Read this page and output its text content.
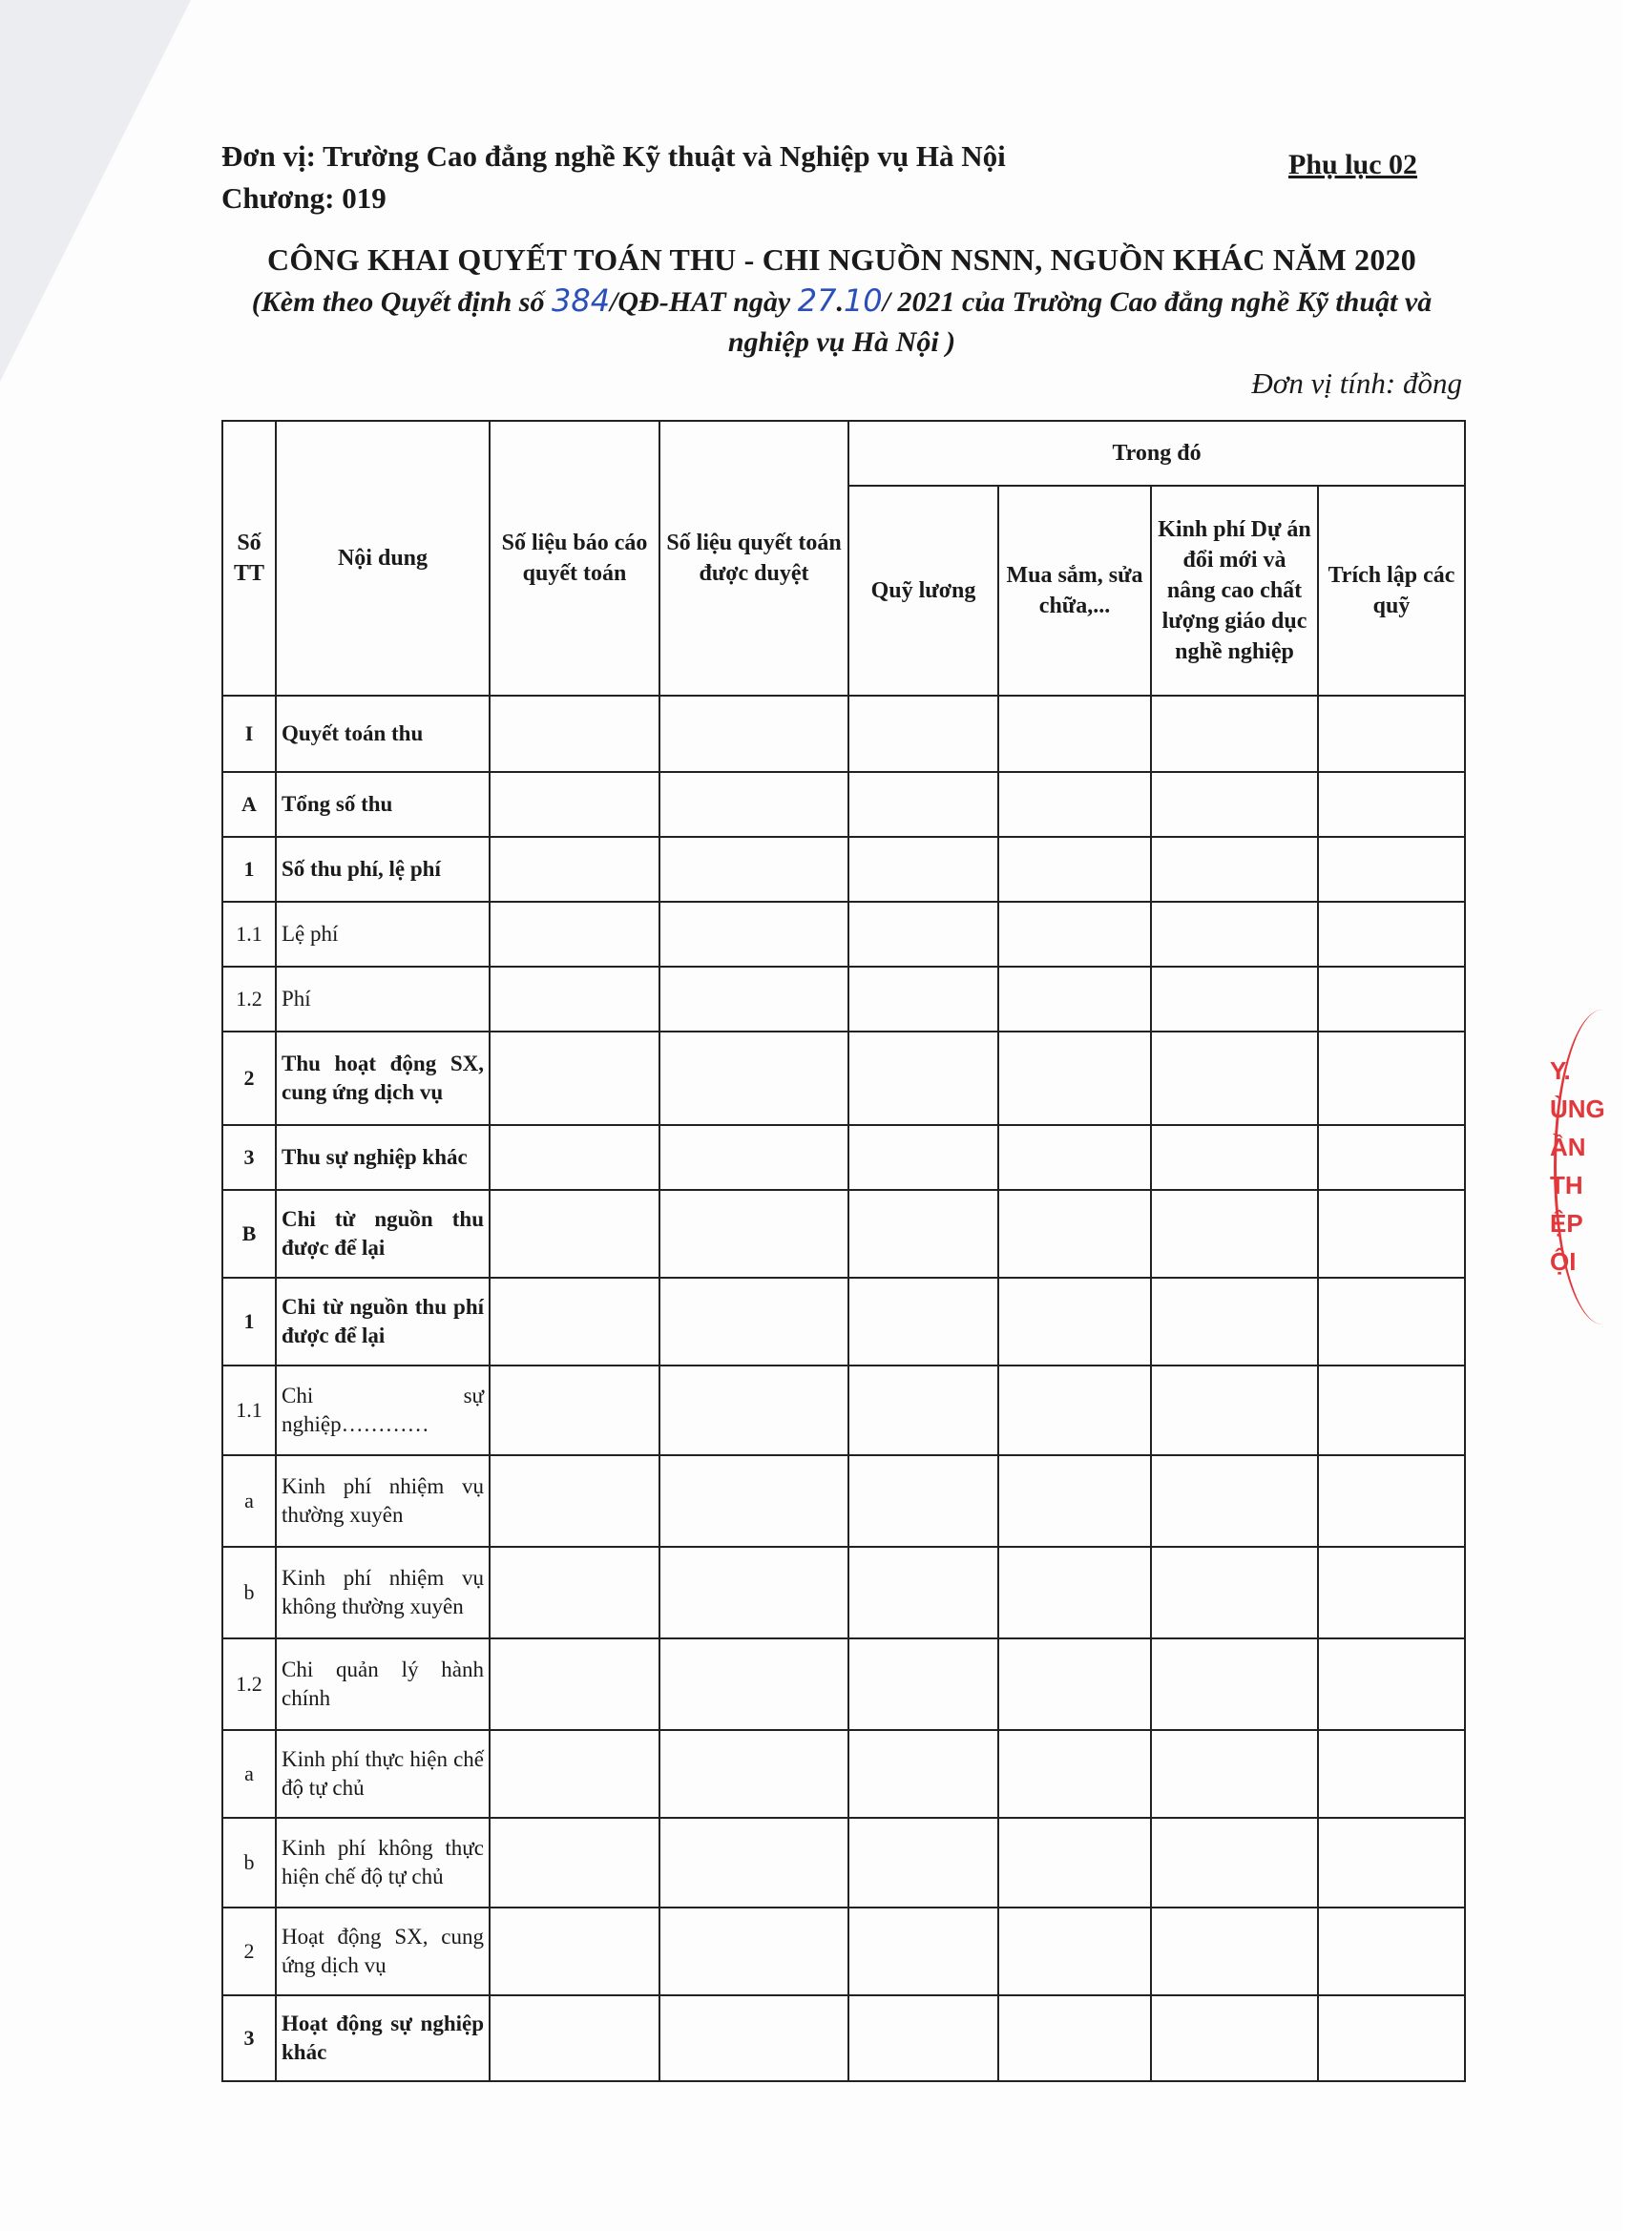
Đơn vị: Trường Cao đẳng nghề Kỹ thuật và Nghiệp vụ Hà Nội
Chương: 019
Phụ lục 02
CÔNG KHAI QUYẾT TOÁN THU - CHI NGUỒN NSNN, NGUỒN KHÁC NĂM 2020
(Kèm theo Quyết định số 384/QĐ-HAT ngày 27.10/ 2021 của Trường Cao đẳng nghề Kỹ thuật và nghiệp vụ Hà Nội )
Đơn vị tính: đồng
Số TT	Nội dung	Số liệu báo cáo quyết toán	Số liệu quyết toán được duyệt	Trong đó			
				Quỹ lương	Mua sắm, sửa chữa,...	Kinh phí Dự án đổi mới và nâng cao chất lượng giáo dục nghề nghiệp	Trích lập các quỹ
I	Quyết toán thu						
A	Tổng số thu						
1	Số thu phí, lệ phí						
1.1	Lệ phí						
1.2	Phí						
2	Thu hoạt động SX, cung ứng dịch vụ						
3	Thu sự nghiệp khác						
B	Chi từ nguồn thu được để lại						
1	Chi từ nguồn thu phí được để lại						
1.1	Chi sự nghiệp…………						
a	Kinh phí nhiệm vụ thường xuyên						
b	Kinh phí nhiệm vụ không thường xuyên						
1.2	Chi quản lý hành chính						
a	Kinh phí thực hiện chế độ tự chủ						
b	Kinh phí không thực hiện chế độ tự chủ						
2	Hoạt động SX, cung ứng dịch vụ						
3	Hoạt động sự nghiệp khác						
Y.
ÙNG
ẦN
TH
ỆP
ỘI
